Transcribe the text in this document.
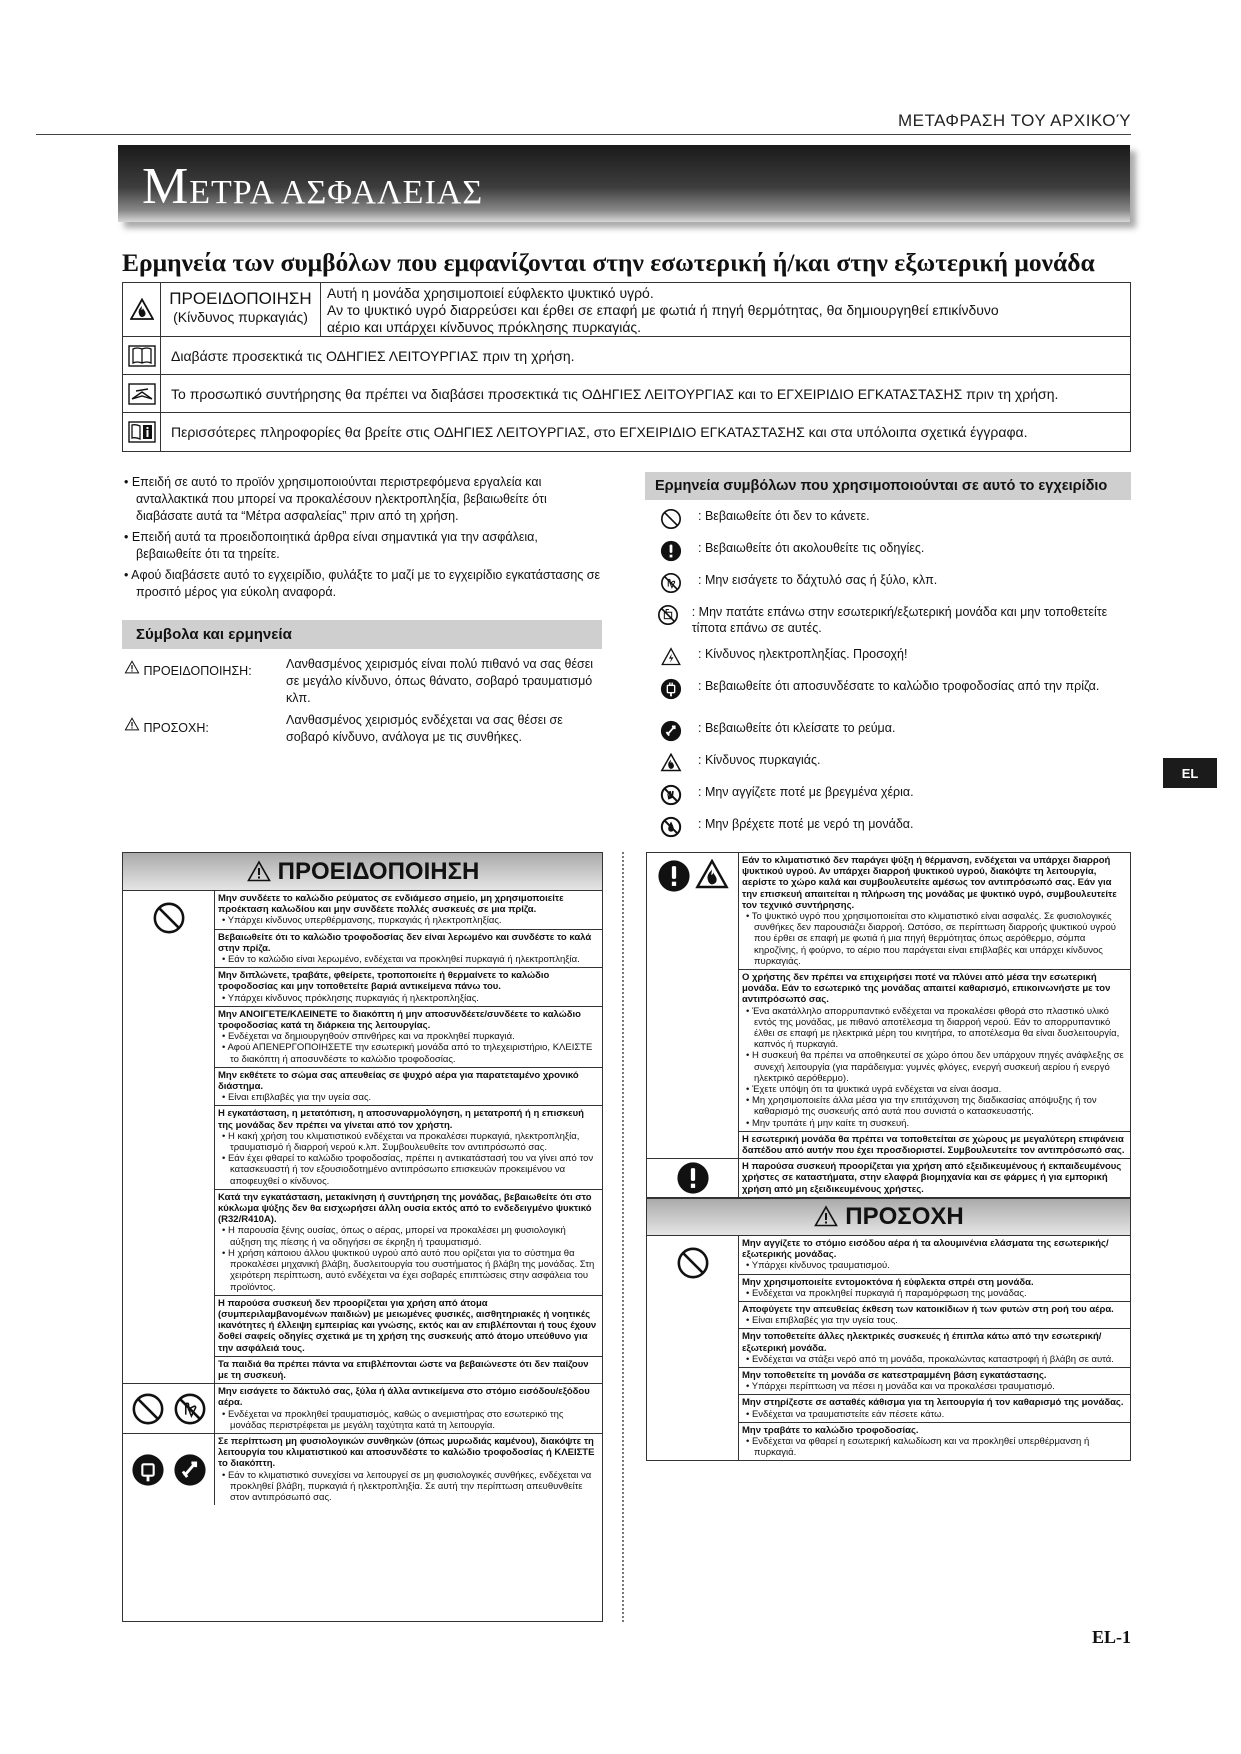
ΜΕΤΑΦΡΑΣΗ ΤΟΥ ΑΡΧΙΚΟΎ
ΜΕΤΡΑ ΑΣΦΑΛΕΙΑΣ
Ερμηνεία των συμβόλων που εμφανίζονται στην εσωτερική ή/και στην εξωτερική μονάδα
ΠΡΟΕΙΔΟΠΟΙΗΣΗ
(Κίνδυνος πυρκαγιάς)
Αυτή η μονάδα χρησιμοποιεί εύφλεκτο ψυκτικό υγρό.
Αν το ψυκτικό υγρό διαρρεύσει και έρθει σε επαφή με φωτιά ή πηγή θερμότητας, θα δημιουργηθεί επικίνδυνο
αέριο και υπάρχει κίνδυνος πρόκλησης πυρκαγιάς.
Διαβάστε προσεκτικά τις ΟΔΗΓΙΕΣ ΛΕΙΤΟΥΡΓΙΑΣ πριν τη χρήση.
Το προσωπικό συντήρησης θα πρέπει να διαβάσει προσεκτικά τις ΟΔΗΓΙΕΣ ΛΕΙΤΟΥΡΓΙΑΣ και το ΕΓΧΕΙΡΙΔΙΟ ΕΓΚΑΤΑΣΤΑΣΗΣ πριν τη χρήση.
Περισσότερες πληροφορίες θα βρείτε στις ΟΔΗΓΙΕΣ ΛΕΙΤΟΥΡΓΙΑΣ, στο ΕΓΧΕΙΡΙΔΙΟ ΕΓΚΑΤΑΣΤΑΣΗΣ και στα υπόλοιπα σχετικά έγγραφα.
• Επειδή σε αυτό το προϊόν χρησιμοποιούνται περιστρεφόμενα εργαλεία και ανταλλακτικά που μπορεί να προκαλέσουν ηλεκτροπληξία, βεβαιωθείτε ότι διαβάσατε αυτά τα “Μέτρα ασφαλείας” πριν από τη χρήση.
• Επειδή αυτά τα προειδοποιητικά άρθρα είναι σημαντικά για την ασφάλεια, βεβαιωθείτε ότι τα τηρείτε.
• Αφού διαβάσετε αυτό το εγχειρίδιο, φυλάξτε το μαζί με το εγχειρίδιο εγκατάστασης σε προσιτό μέρος για εύκολη αναφορά.
Σύμβολα και ερμηνεία
ΠΡΟΕΙΔΟΠΟΙΗΣΗ:	Λανθασμένος χειρισμός είναι πολύ πιθανό να σας θέσει σε μεγάλο κίνδυνο, όπως θάνατο, σοβαρό τραυματισμό κλπ.
ΠΡΟΣΟΧΗ:
Λανθασμένος χειρισμός ενδέχεται να σας θέσει σε σοβαρό κίνδυνο, ανάλογα με τις συνθήκες.
Ερμηνεία συμβόλων που χρησιμοποιούνται σε αυτό το εγχειρίδιο
: Βεβαιωθείτε ότι δεν το κάνετε.
: Βεβαιωθείτε ότι ακολουθείτε τις οδηγίες.
: Μην εισάγετε το δάχτυλό σας ή ξύλο, κλπ.
: Μην πατάτε επάνω στην εσωτερική/εξωτερική μονάδα και μην τοποθετείτε τίποτα επάνω σε αυτές.
: Κίνδυνος ηλεκτροπληξίας. Προσοχή!
: Βεβαιωθείτε ότι αποσυνδέσατε το καλώδιο τροφοδοσίας από την πρίζα.
: Βεβαιωθείτε ότι κλείσατε το ρεύμα.
: Κίνδυνος πυρκαγιάς.
: Μην αγγίζετε ποτέ με βρεγμένα χέρια.
: Μην βρέχετε ποτέ με νερό τη μονάδα.
EL
ΠΡΟΕΙΔΟΠΟΙΗΣΗ
Μην συνδέετε το καλώδιο ρεύματος σε ενδιάμεσο σημείο, μη χρησιμοποιείτε προέκταση καλωδίου και μην συνδέετε πολλές συσκευές σε μια πρίζα.
• Υπάρχει κίνδυνος υπερθέρμανσης, πυρκαγιάς ή ηλεκτροπληξίας.
Βεβαιωθείτε ότι το καλώδιο τροφοδοσίας δεν είναι λερωμένο και συνδέστε το καλά στην πρίζα.
• Εάν το καλώδιο είναι λερωμένο, ενδέχεται να προκληθεί πυρκαγιά ή ηλεκτροπληξία.
Μην διπλώνετε, τραβάτε, φθείρετε, τροποποιείτε ή θερμαίνετε το καλώδιο τροφοδοσίας και μην τοποθετείτε βαριά αντικείμενα πάνω του.
• Υπάρχει κίνδυνος πρόκλησης πυρκαγιάς ή ηλεκτροπληξίας.
Μην ΑΝΟΙΓΕΤΕ/ΚΛΕΙΝΕΤΕ το διακόπτη ή μην αποσυνδέετε/συνδέετε το καλώδιο τροφοδοσίας κατά τη διάρκεια της λειτουργίας.
• Ενδέχεται να δημιουργηθούν σπινθήρες και να προκληθεί πυρκαγιά.
• Αφού ΑΠΕΝΕΡΓΟΠΟΙΗΣΕΤΕ την εσωτερική μονάδα από το τηλεχειριστήριο, ΚΛΕΙΣΤΕ το διακόπτη ή αποσυνδέστε το καλώδιο τροφοδοσίας.
Μην εκθέτετε το σώμα σας απευθείας σε ψυχρό αέρα για παρατεταμένο χρονικό διάστημα.
• Είναι επιβλαβές για την υγεία σας.
Η εγκατάσταση, η μετατόπιση, η αποσυναρμολόγηση, η μετατροπή ή η επισκευή της μονάδας δεν πρέπει να γίνεται από τον χρήστη.
• Η κακή χρήση του κλιματιστικού ενδέχεται να προκαλέσει πυρκαγιά, ηλεκτροπληξία, τραυματισμό ή διαρροή νερού κ.λπ. Συμβουλευθείτε τον αντιπρόσωπό σας.
• Εάν έχει φθαρεί το καλώδιο τροφοδοσίας, πρέπει η αντικατάστασή του να γίνει από τον κατασκευαστή ή τον εξουσιοδοτημένο αντιπρόσωπο επισκευών προκειμένου να αποφευχθεί ο κίνδυνος.
Κατά την εγκατάσταση, μετακίνηση ή συντήρηση της μονάδας, βεβαιωθείτε ότι στο κύκλωμα ψύξης δεν θα εισχωρήσει άλλη ουσία εκτός από το ενδεδειγμένο ψυκτικό (R32/R410A).
• Η παρουσία ξένης ουσίας, όπως ο αέρας, μπορεί να προκαλέσει μη φυσιολογική αύξηση της πίεσης ή να οδηγήσει σε έκρηξη ή τραυματισμό.
• Η χρήση κάποιου άλλου ψυκτικού υγρού από αυτό που ορίζεται για το σύστημα θα προκαλέσει μηχανική βλάβη, δυσλειτουργία του συστήματος ή βλάβη της μονάδας. Στη χειρότερη περίπτωση, αυτό ενδέχεται να έχει σοβαρές επιπτώσεις στην ασφάλεια του προϊόντος.
Η παρούσα συσκευή δεν προορίζεται για χρήση από άτομα (συμπεριλαμβανομένων παιδιών) με μειωμένες φυσικές, αισθητηριακές ή νοητικές ικανότητες ή έλλειψη εμπειρίας και γνώσης, εκτός και αν επιβλέπονται ή τους έχουν δοθεί σαφείς οδηγίες σχετικά με τη χρήση της συσκευής από άτομο υπεύθυνο για την ασφάλειά τους.
Τα παιδιά θα πρέπει πάντα να επιβλέπονται ώστε να βεβαιώνεστε ότι δεν παίζουν με τη συσκευή.
Μην εισάγετε το δάκτυλό σας, ξύλα ή άλλα αντικείμενα στο στόμιο εισόδου/εξόδου αέρα.
• Ενδέχεται να προκληθεί τραυματισμός, καθώς ο ανεμιστήρας στο εσωτερικό της μονάδας περιστρέφεται με μεγάλη ταχύτητα κατά τη λειτουργία.
Σε περίπτωση μη φυσιολογικών συνθηκών (όπως μυρωδιάς καμένου), διακόψτε τη λειτουργία του κλιματιστικού και αποσυνδέστε το καλώδιο τροφοδοσίας ή ΚΛΕΙΣΤΕ το διακόπτη.
• Εάν το κλιματιστικό συνεχίσει να λειτουργεί σε μη φυσιολογικές συνθήκες, ενδέχεται να προκληθεί βλάβη, πυρκαγιά ή ηλεκτροπληξία. Σε αυτή την περίπτωση απευθυνθείτε στον αντιπρόσωπό σας.
Εάν το κλιματιστικό δεν παράγει ψύξη ή θέρμανση, ενδέχεται να υπάρχει διαρροή ψυκτικού υγρού. Αν υπάρχει διαρροή ψυκτικού υγρού, διακόψτε τη λειτουργία, αερίστε το χώρο καλά και συμβουλευτείτε αμέσως τον αντιπρόσωπό σας. Εάν για την επισκευή απαιτείται η πλήρωση της μονάδας με ψυκτικό υγρό, συμβουλευτείτε τον τεχνικό συντήρησης.
• Το ψυκτικό υγρό που χρησιμοποιείται στο κλιματιστικό είναι ασφαλές. Σε φυσιολογικές συνθήκες δεν παρουσιάζει διαρροή. Ωστόσο, σε περίπτωση διαρροής ψυκτικού υγρού που έρθει σε επαφή με φωτιά ή μια πηγή θερμότητας όπως αερόθερμο, σόμπα κηροζίνης, ή φούρνο, το αέριο που παράγεται είναι επιβλαβές και υπάρχει κίνδυνος πυρκαγιάς.
Ο χρήστης δεν πρέπει να επιχειρήσει ποτέ να πλύνει από μέσα την εσωτερική μονάδα. Εάν το εσωτερικό της μονάδας απαιτεί καθαρισμό, επικοινωνήστε με τον αντιπρόσωπό σας.
• Ένα ακατάλληλο απορρυπαντικό ενδέχεται να προκαλέσει φθορά στο πλαστικό υλικό εντός της μονάδας, με πιθανό αποτέλεσμα τη διαρροή νερού. Εάν το απορρυπαντικό έλθει σε επαφή με ηλεκτρικά μέρη του κινητήρα, το αποτέλεσμα θα είναι δυσλειτουργία, καπνός ή πυρκαγιά.
• Η συσκευή θα πρέπει να αποθηκευτεί σε χώρο όπου δεν υπάρχουν πηγές ανάφλεξης σε συνεχή λειτουργία (για παράδειγμα: γυμνές φλόγες, ενεργή συσκευή αερίου ή ενεργό ηλεκτρικό αερόθερμο).
• Έχετε υπόψη ότι τα ψυκτικά υγρά ενδέχεται να είναι άοσμα.
• Μη χρησιμοποιείτε άλλα μέσα για την επιτάχυνση της διαδικασίας απόψυξης ή τον καθαρισμό της συσκευής από αυτά που συνιστά ο κατασκευαστής.
• Μην τρυπάτε ή μην καίτε τη συσκευή.
Η εσωτερική μονάδα θα πρέπει να τοποθετείται σε χώρους με μεγαλύτερη επιφάνεια δαπέδου από αυτήν που έχει προσδιοριστεί. Συμβουλευτείτε τον αντιπρόσωπό σας.
Η παρούσα συσκευή προορίζεται για χρήση από εξειδικευμένους ή εκπαιδευμένους χρήστες σε καταστήματα, στην ελαφρά βιομηχανία και σε φάρμες ή για εμπορική χρήση από μη εξειδικευμένους χρήστες.
ΠΡΟΣΟΧΗ
Μην αγγίζετε το στόμιο εισόδου αέρα ή τα αλουμινένια ελάσματα της εσωτερικής/εξωτερικής μονάδας.
• Υπάρχει κίνδυνος τραυματισμού.
Μην χρησιμοποιείτε εντομοκτόνα ή εύφλεκτα σπρέι στη μονάδα.
• Ενδέχεται να προκληθεί πυρκαγιά ή παραμόρφωση της μονάδας.
Αποφύγετε την απευθείας έκθεση των κατοικίδιων ή των φυτών στη ροή του αέρα.
• Είναι επιβλαβές για την υγεία τους.
Μην τοποθετείτε άλλες ηλεκτρικές συσκευές ή έπιπλα κάτω από την εσωτερική/εξωτερική μονάδα.
• Ενδέχεται να στάξει νερό από τη μονάδα, προκαλώντας καταστροφή ή βλάβη σε αυτά.
Μην τοποθετείτε τη μονάδα σε κατεστραμμένη βάση εγκατάστασης.
• Υπάρχει περίπτωση να πέσει η μονάδα και να προκαλέσει τραυματισμό.
Μην στηρίζεστε σε ασταθές κάθισμα για τη λειτουργία ή τον καθαρισμό της μονάδας.
• Ενδέχεται να τραυματιστείτε εάν πέσετε κάτω.
Μην τραβάτε το καλώδιο τροφοδοσίας.
• Ενδέχεται να φθαρεί η εσωτερική καλωδίωση και να προκληθεί υπερθέρμανση ή πυρκαγιά.
EL-1
